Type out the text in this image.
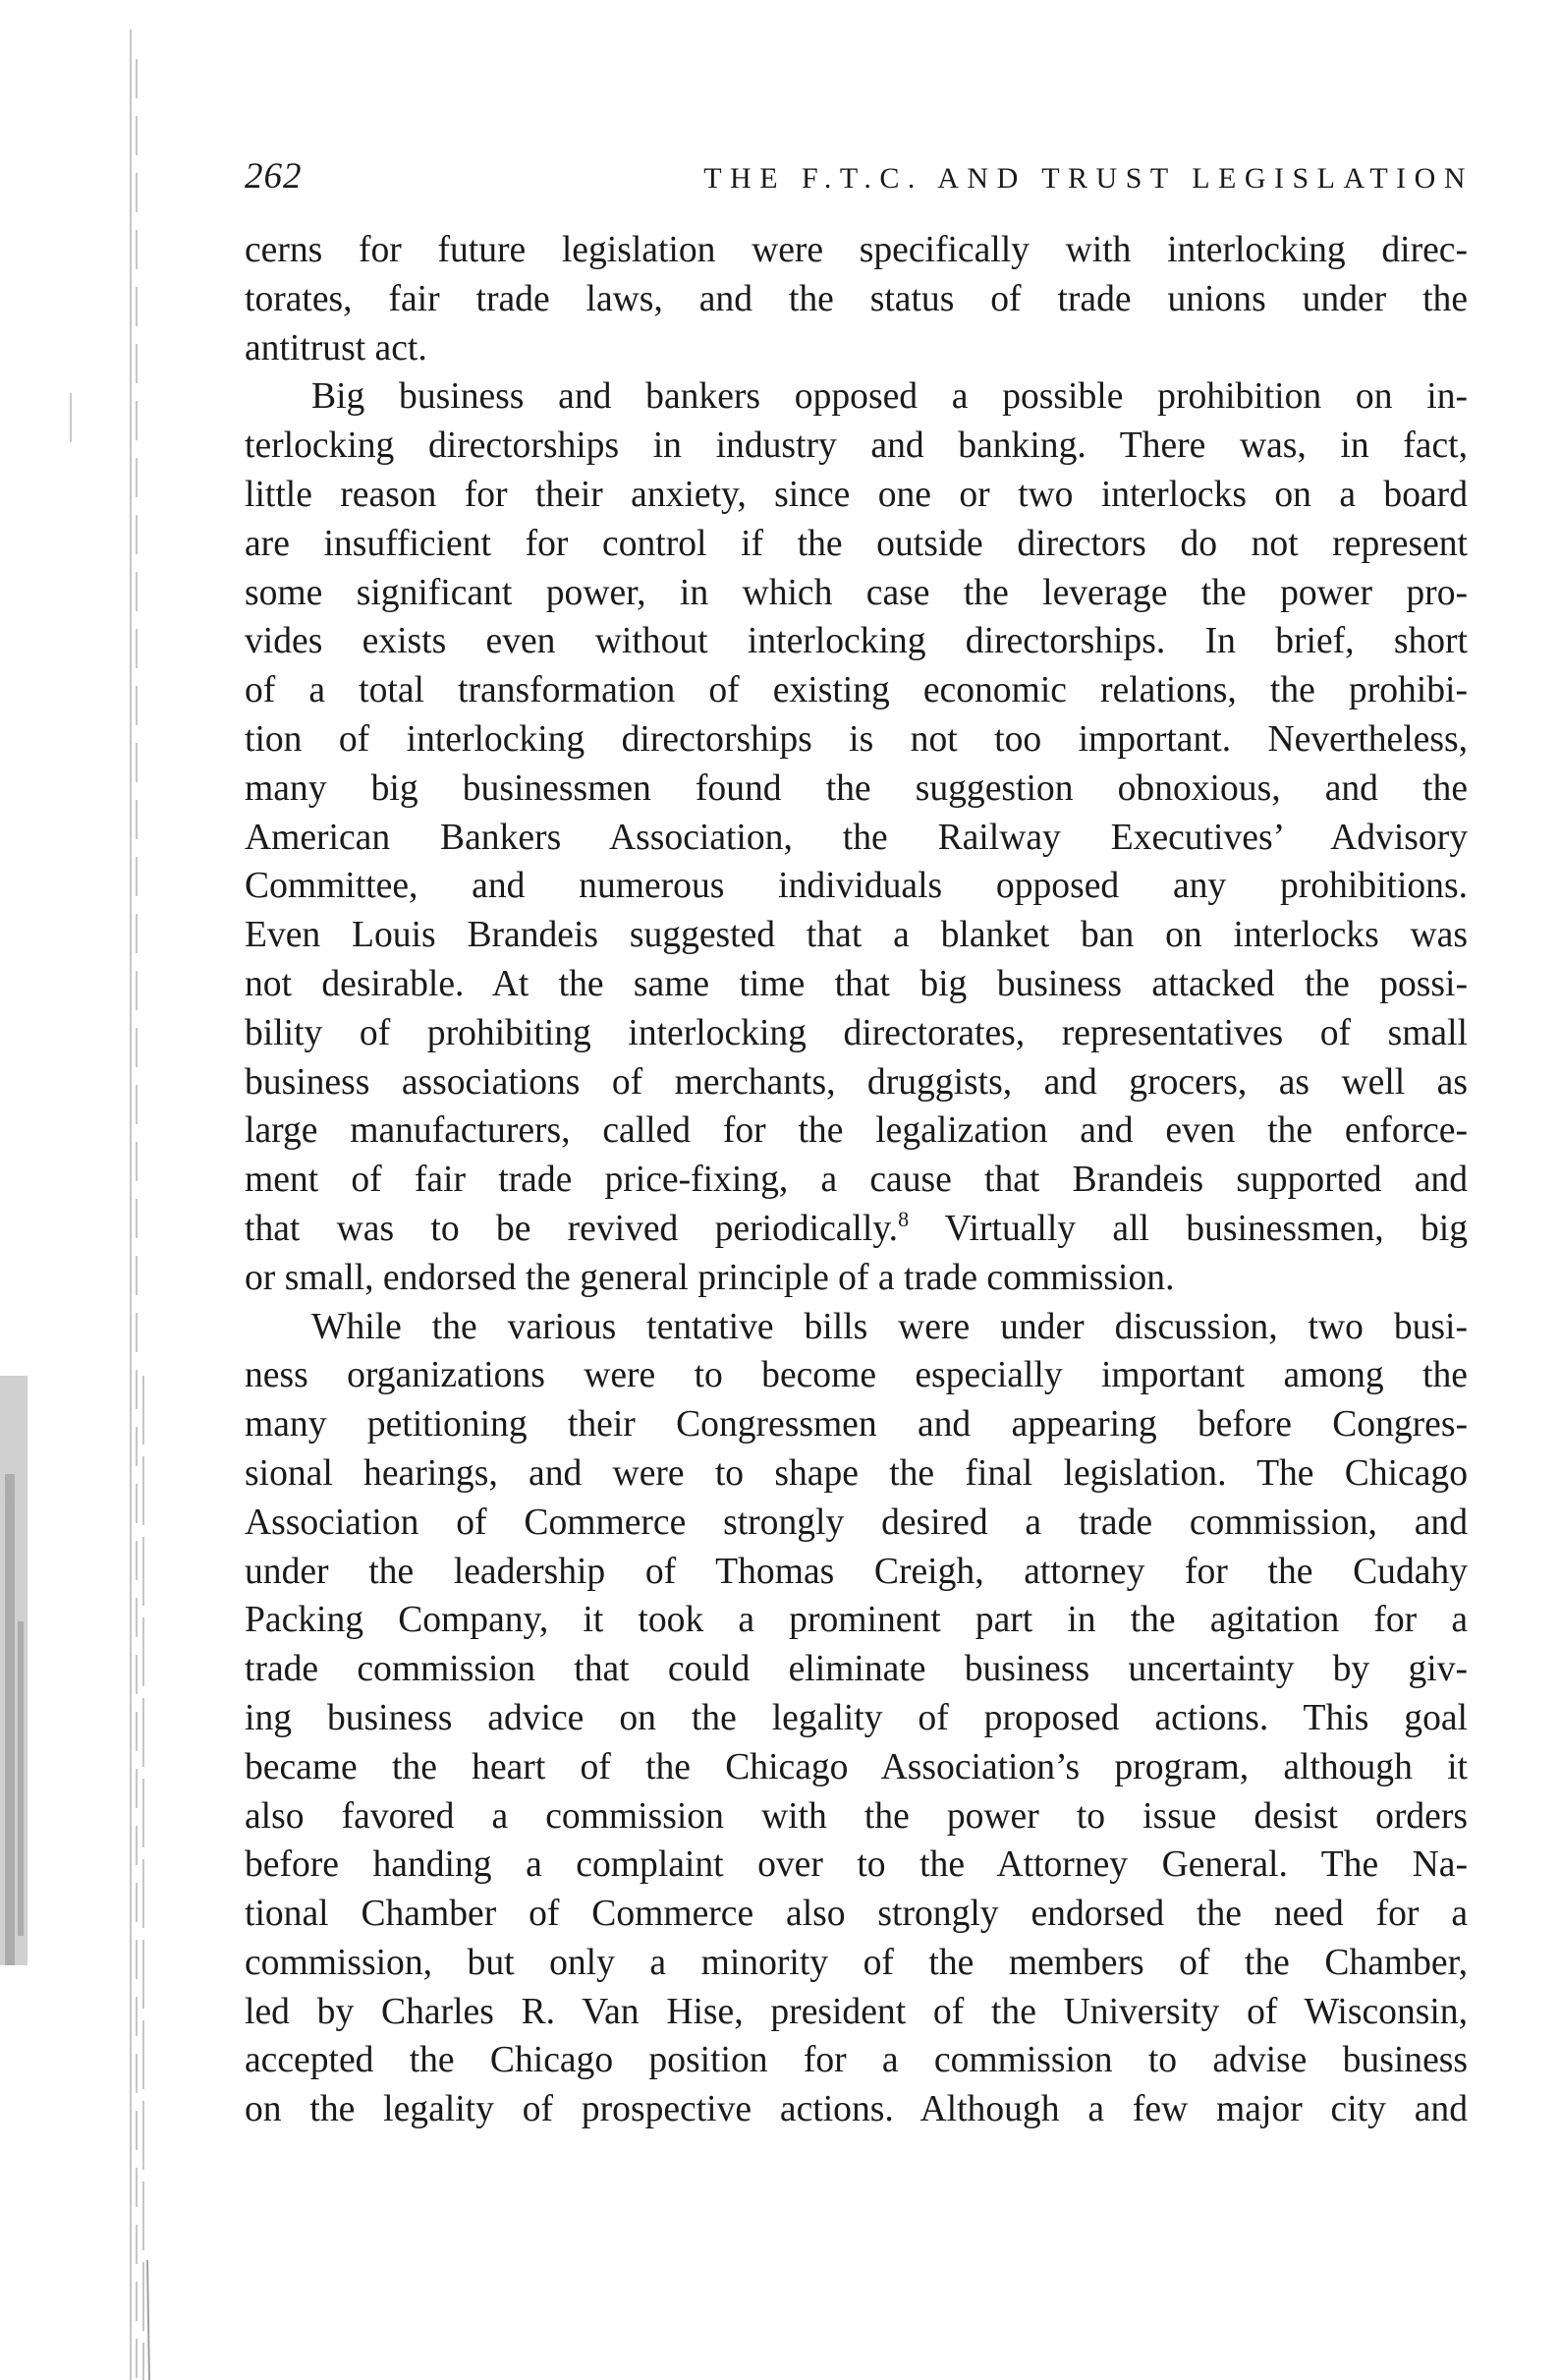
262	THE F.T.C. AND TRUST LEGISLATION

cerns for future legislation were specifically with interlocking direc-
torates, fair trade laws, and the status of trade unions under the
antitrust act.

Big business and bankers opposed a possible prohibition on in-
terlocking directorships in industry and banking. There was, in fact,
little reason for their anxiety, since one or two interlocks on a board
are insufficient for control if the outside directors do not represent
some significant power, in which case the leverage the power pro-
vides exists even without interlocking directorships. In brief, short
of a total transformation of existing economic relations, the prohibi-
tion of interlocking directorships is not too important. Nevertheless,
many big businessmen found the suggestion obnoxious, and the
American Bankers Association, the Railway Executives’ Advisory
Committee, and numerous individuals opposed any prohibitions.
Even Louis Brandeis suggested that a blanket ban on interlocks was
not desirable. At the same time that big business attacked the possi-
bility of prohibiting interlocking directorates, representatives of small
business associations of merchants, druggists, and grocers, as well as
large manufacturers, called for the legalization and even the enforce-
ment of fair trade price-fixing, a cause that Brandeis supported and
that was to be revived periodically.$^8$ Virtually all businessmen, big
or small, endorsed the general principle of a trade commission.

While the various tentative bills were under discussion, two busi-
ness organizations were to become especially important among the
many petitioning their Congressmen and appearing before Congres-
sional hearings, and were to shape the final legislation. The Chicago
Association of Commerce strongly desired a trade commission, and
under the leadership of Thomas Creigh, attorney for the Cudahy
Packing Company, it took a prominent part in the agitation for a
trade commission that could eliminate business uncertainty by giv-
ing business advice on the legality of proposed actions. This goal
became the heart of the Chicago Association’s program, although it
also favored a commission with the power to issue desist orders
before handing a complaint over to the Attorney General. The Na-
tional Chamber of Commerce also strongly endorsed the need for a
commission, but only a minority of the members of the Chamber,
led by Charles R. Van Hise, president of the University of Wisconsin,
accepted the Chicago position for a commission to advise business
on the legality of prospective actions. Although a few major city and
